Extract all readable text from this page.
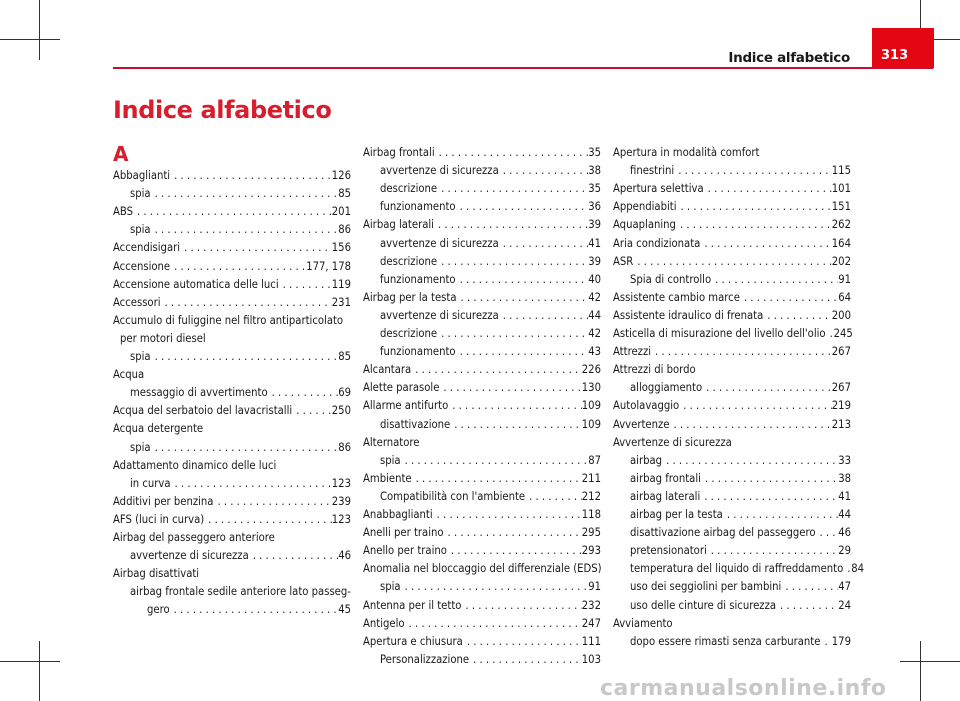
Indice alfabetico	313
Indice alfabetico
A
Abbaglianti . . .	126
spia . . .	85
ABS . . .	201
spia . . .	86
Accendisigari . . .	156
Accensione . . .	177, 178
Accensione automatica delle luci . . .	119
Accessori . . .	231
Accumulo di fuliggine nel filtro antiparticolato
per motori diesel
spia . . .	85
Acqua
messaggio di avvertimento . . .	69
Acqua del serbatoio del lavacristalli . . .	250
Acqua detergente
spia . . .	86
Adattamento dinamico delle luci
in curva . . .	123
Additivi per benzina . . .	239
AFS (luci in curva) . . .	123
Airbag del passeggero anteriore
avvertenze di sicurezza . . .	46
Airbag disattivati
airbag frontale sedile anteriore lato passeg-
gero . . .	45
Airbag frontali . . .	35
avvertenze di sicurezza . . .	38
descrizione . . .	35
funzionamento . . .	36
Airbag laterali . . .	39
avvertenze di sicurezza . . .	41
descrizione . . .	39
funzionamento . . .	40
Airbag per la testa . . .	42
avvertenze di sicurezza . . .	44
descrizione . . .	42
funzionamento . . .	43
Alcantara . . .	226
Alette parasole . . .	130
Allarme antifurto . . .	109
disattivazione . . .	109
Alternatore
spia . . .	87
Ambiente . . .	211
Compatibilità con l'ambiente . . .	212
Anabbaglianti . . .	118
Anelli per traino . . .	295
Anello per traino . . .	293
Anomalia nel bloccaggio del differenziale (EDS)
spia . . .	91
Antenna per il tetto . . .	232
Antigelo . . .	247
Apertura e chiusura . . .	111
Personalizzazione . . .	103
Apertura in modalità comfort
finestrini . . .	115
Apertura selettiva . . .	101
Appendiabiti . . .	151
Aquaplaning . . .	262
Aria condizionata . . .	164
ASR . . .	202
Spia di controllo . . .	91
Assistente cambio marce . . .	64
Assistente idraulico di frenata . . .	200
Asticella di misurazione del livello dell'olio . . . 245
Attrezzi . . .	267
Attrezzi di bordo
alloggiamento . . .	267
Autolavaggio . . .	219
Avvertenze . . .	213
Avvertenze di sicurezza
airbag . . .	33
airbag frontali . . .	38
airbag laterali . . .	41
airbag per la testa . . .	44
disattivazione airbag del passeggero . . . 46
pretensionatori . . .	29
temperatura del liquido di raffreddamento . . . 84
uso dei seggiolini per bambini . . .	47
uso delle cinture di sicurezza . . .	24
Avviamento
dopo essere rimasti senza carburante . . . 179
carmanualsonline.info
